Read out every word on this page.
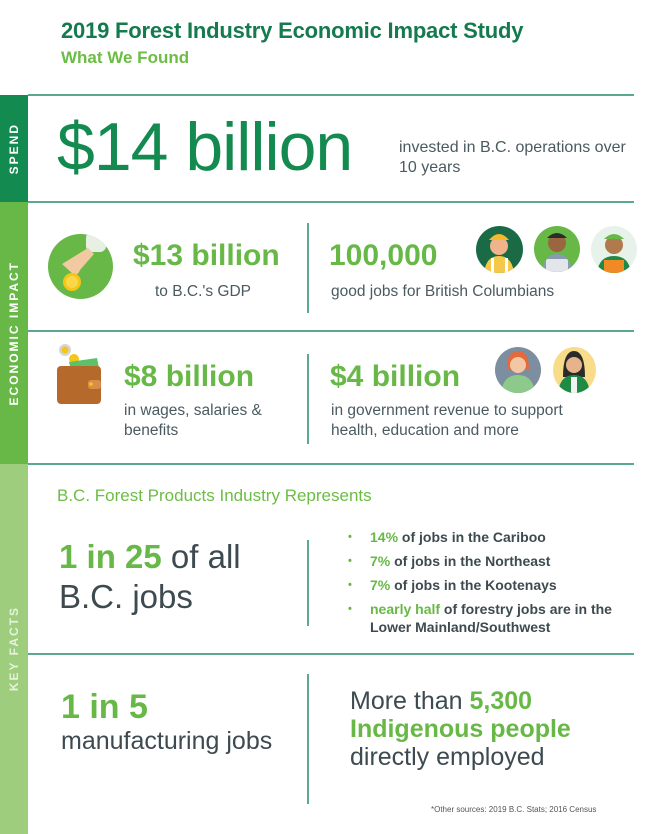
2019 Forest Industry Economic Impact Study
What We Found
SPEND
ECONOMIC IMPACT
KEY FACTS
$14 billion	invested in B.C. operations over 10 years
$13 billion
to B.C.'s GDP
100,000
good jobs for British Columbians
$8 billion
in wages, salaries &
benefits
$4 billion
in government revenue to support
health, education and more
B.C. Forest Products Industry Represents
1 in 25 of all
B.C. jobs
• 14% of jobs in the Cariboo
• 7% of jobs in the Northeast
• 7% of jobs in the Kootenays
• nearly half of forestry jobs are in the Lower Mainland/Southwest
1 in 5
manufacturing jobs
More than 5,300
Indigenous people
directly employed
*Other sources: 2019 B.C. Stats; 2016 Census
